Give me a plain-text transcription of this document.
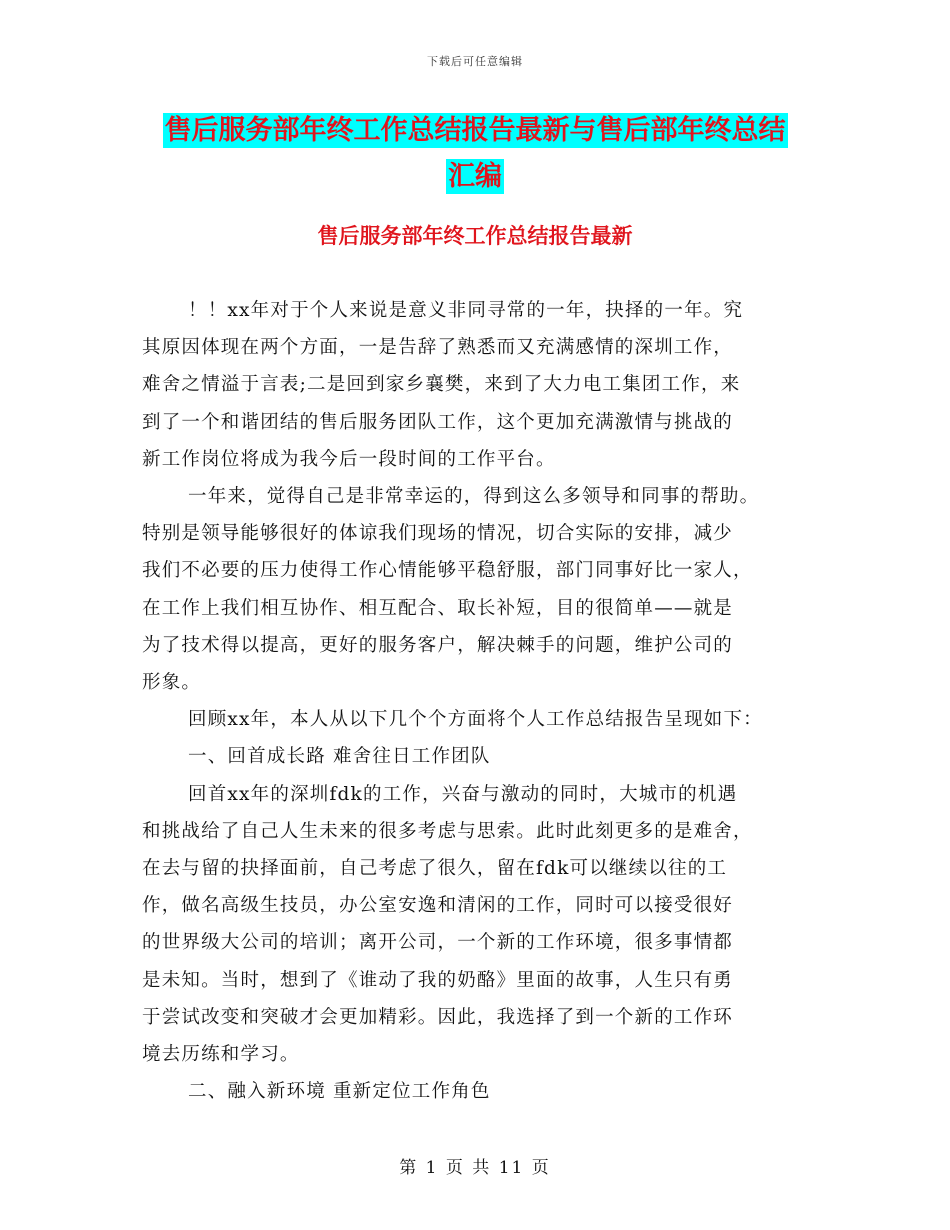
下载后可任意编辑
售后服务部年终工作总结报告最新与售后部年终总结
汇编
售后服务部年终工作总结报告最新

！！xx年对于个人来说是意义非同寻常的一年，抉择的一年。究

其原因体现在两个方面，一是告辞了熟悉而又充满感情的深圳工作，

难舍之情溢于言表;二是回到家乡襄樊，来到了大力电工集团工作，来

到了一个和谐团结的售后服务团队工作，这个更加充满激情与挑战的

新工作岗位将成为我今后一段时间的工作平台。

一年来，觉得自己是非常幸运的，得到这么多领导和同事的帮助。

特别是领导能够很好的体谅我们现场的情况，切合实际的安排，减少

我们不必要的压力使得工作心情能够平稳舒服，部门同事好比一家人，

在工作上我们相互协作、相互配合、取长补短，目的很简单——就是

为了技术得以提高，更好的服务客户，解决棘手的问题，维护公司的

形象。

回顾xx年，本人从以下几个个方面将个人工作总结报告呈现如下：

一、回首成长路 难舍往日工作团队

回首xx年的深圳fdk的工作，兴奋与激动的同时，大城市的机遇

和挑战给了自己人生未来的很多考虑与思索。此时此刻更多的是难舍，

在去与留的抉择面前，自己考虑了很久，留在fdk可以继续以往的工

作，做名高级生技员，办公室安逸和清闲的工作，同时可以接受很好

的世界级大公司的培训；离开公司，一个新的工作环境，很多事情都

是未知。当时，想到了《谁动了我的奶酪》里面的故事，人生只有勇

于尝试改变和突破才会更加精彩。因此，我选择了到一个新的工作环

境去历练和学习。

二、融入新环境 重新定位工作角色

第 1 页 共 11 页
